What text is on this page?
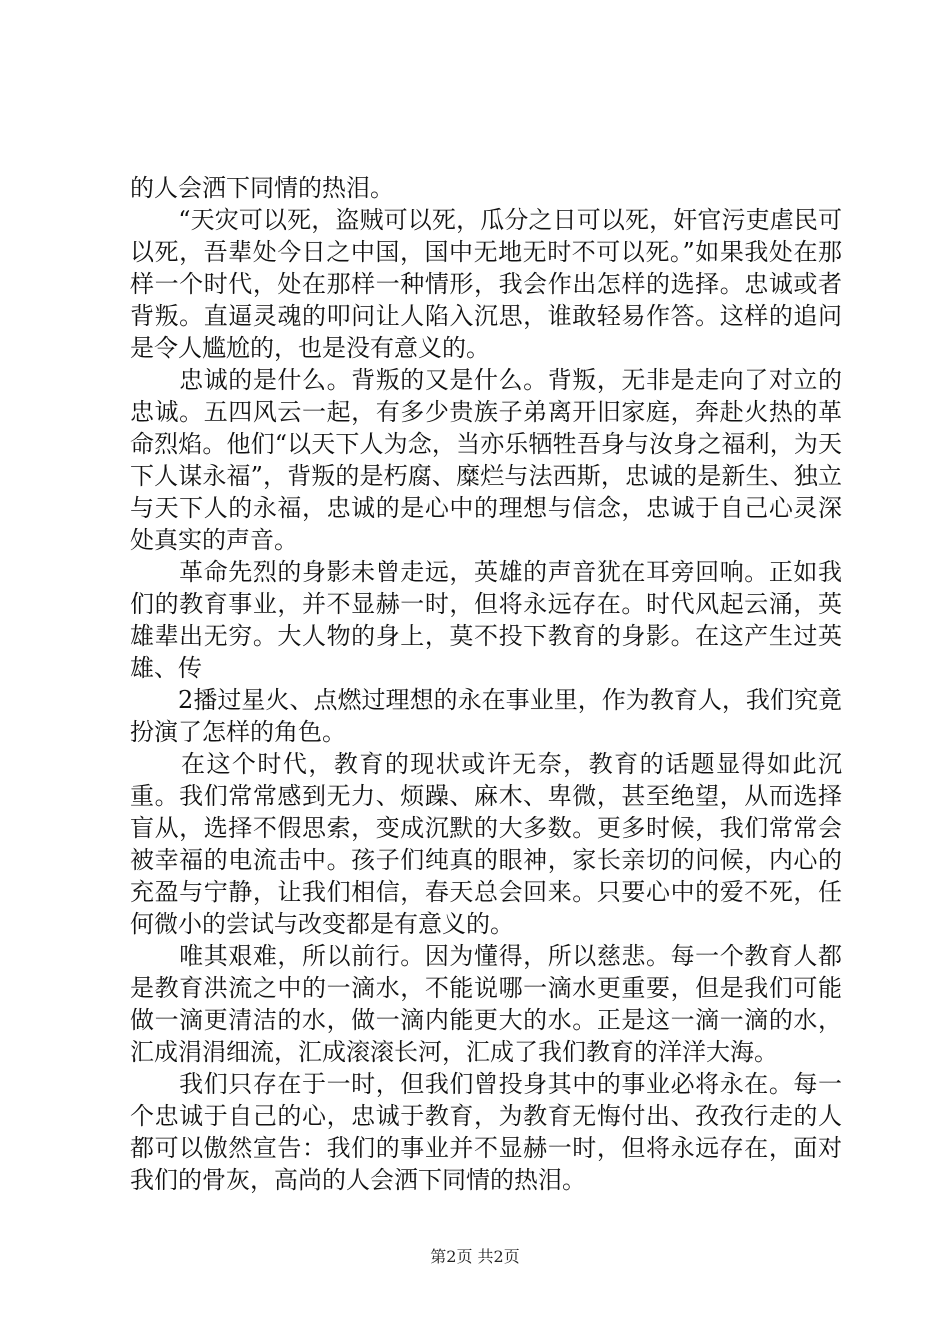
的人会洒下同情的热泪。

　　“天灾可以死，盗贼可以死，瓜分之日可以死，奸官污吏虐民可以死，吾辈处今日之中国，国中无地无时不可以死。”如果我处在那样一个时代，处在那样一种情形，我会作出怎样的选择。忠诚或者背叛。直逼灵魂的叩问让人陷入沉思，谁敢轻易作答。这样的追问是令人尴尬的，也是没有意义的。

　　忠诚的是什么。背叛的又是什么。背叛，无非是走向了对立的忠诚。五四风云一起，有多少贵族子弟离开旧家庭，奔赴火热的革命烈焰。他们“以天下人为念，当亦乐牺牲吾身与汝身之福利，为天下人谋永福”，背叛的是朽腐、糜烂与法西斯，忠诚的是新生、独立与天下人的永福，忠诚的是心中的理想与信念，忠诚于自己心灵深处真实的声音。

　　革命先烈的身影未曾走远，英雄的声音犹在耳旁回响。正如我们的教育事业，并不显赫一时，但将永远存在。时代风起云涌，英雄辈出无穷。大人物的身上，莫不投下教育的身影。在这产生过英雄、传

　　2播过星火、点燃过理想的永在事业里，作为教育人，我们究竟扮演了怎样的角色。

　　在这个时代，教育的现状或许无奈，教育的话题显得如此沉重。我们常常感到无力、烦躁、麻木、卑微，甚至绝望，从而选择盲从，选择不假思索，变成沉默的大多数。更多时候，我们常常会被幸福的电流击中。孩子们纯真的眼神，家长亲切的问候，内心的充盈与宁静，让我们相信，春天总会回来。只要心中的爱不死，任何微小的尝试与改变都是有意义的。

　　唯其艰难，所以前行。因为懂得，所以慈悲。每一个教育人都是教育洪流之中的一滴水，不能说哪一滴水更重要，但是我们可能做一滴更清洁的水，做一滴内能更大的水。正是这一滴一滴的水，汇成涓涓细流，汇成滚滚长河，汇成了我们教育的洋洋大海。

　　我们只存在于一时，但我们曾投身其中的事业必将永在。每一个忠诚于自己的心，忠诚于教育，为教育无悔付出、孜孜行走的人都可以傲然宣告：我们的事业并不显赫一时，但将永远存在，面对我们的骨灰，高尚的人会洒下同情的热泪。

第2页 共2页
